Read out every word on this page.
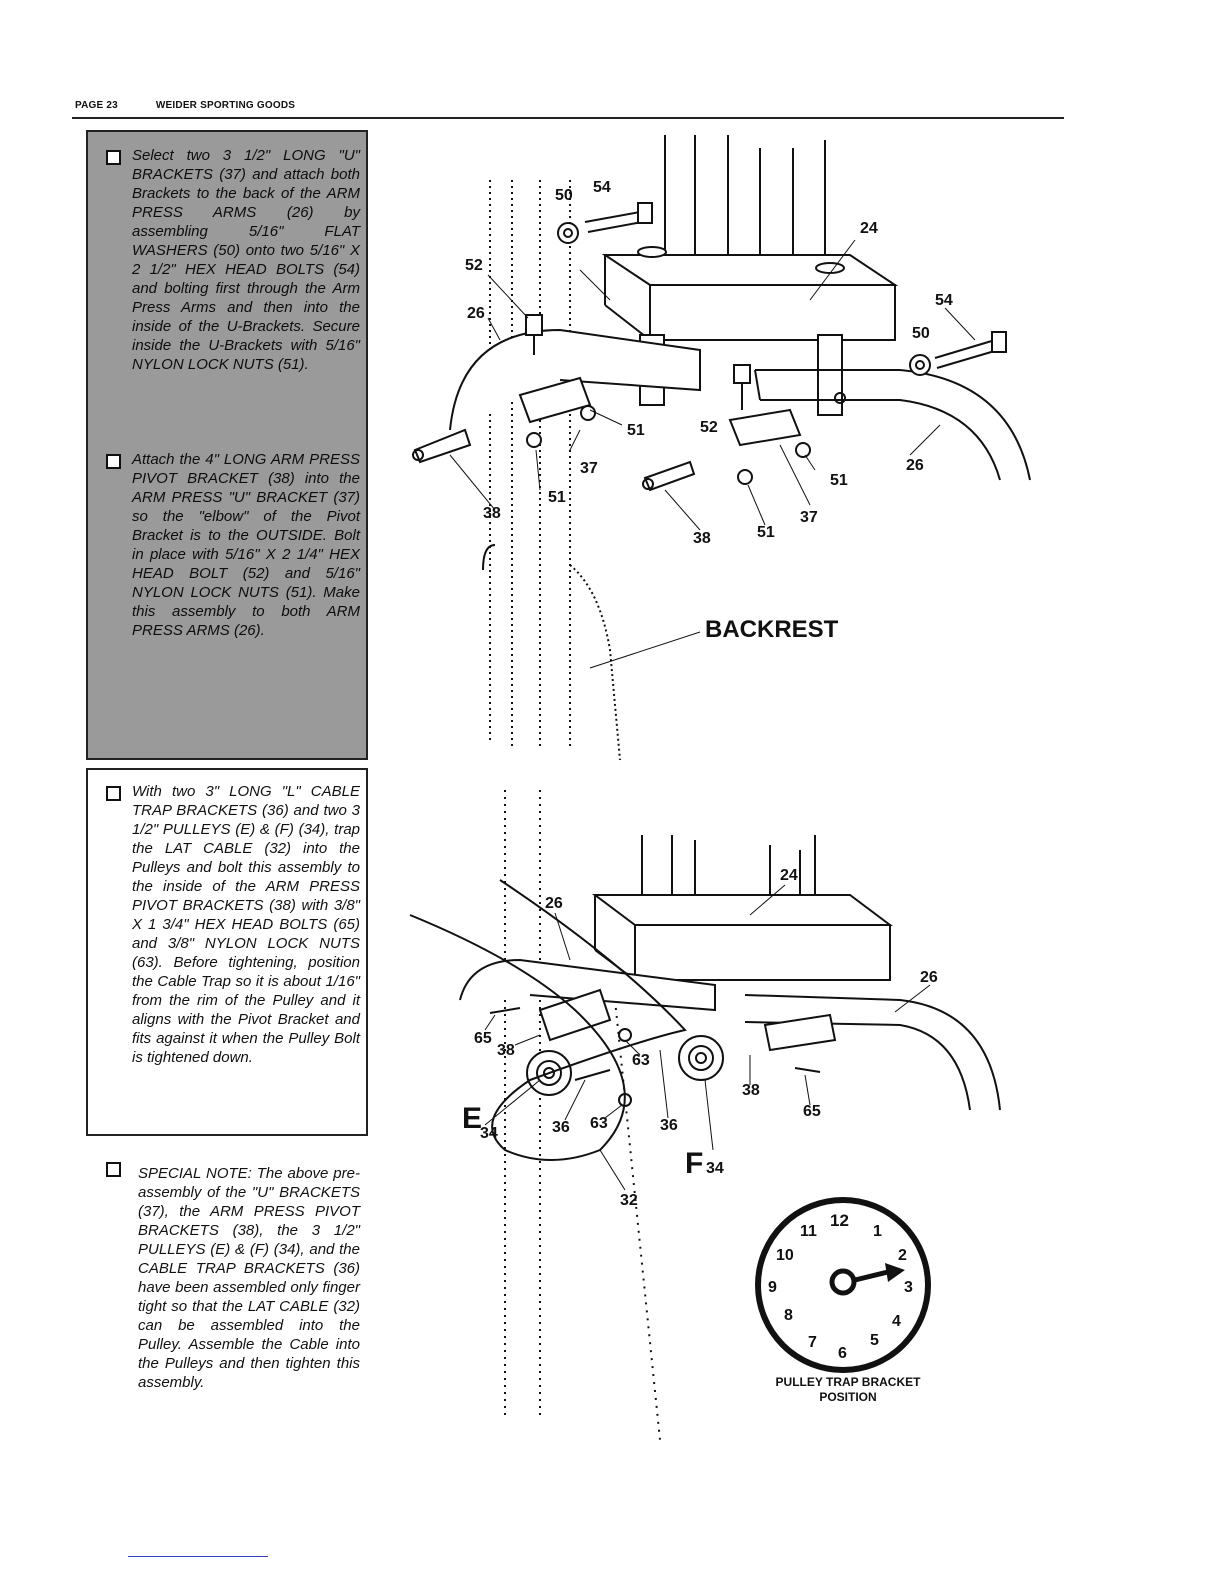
PAGE 23	WEIDER SPORTING GOODS
Select two 3 1/2" LONG "U" BRACKETS (37) and attach both Brackets to the back of the ARM PRESS ARMS (26) by assembling 5/16" FLAT WASHERS (50) onto two 5/16" X 2 1/2" HEX HEAD BOLTS (54) and bolting first through the Arm Press Arms and then into the inside of the U-Brackets. Secure inside the U-Brackets with 5/16" NYLON LOCK NUTS (51).
Attach the 4" LONG ARM PRESS PIVOT BRACKET (38) into the ARM PRESS "U" BRACKET (37) so the "elbow" of the Pivot Bracket is to the OUTSIDE. Bolt in place with 5/16" X 2 1/4" HEX HEAD BOLT (52) and 5/16" NYLON LOCK NUTS (51). Make this assembly to both ARM PRESS ARMS (26).
With two 3" LONG "L" CABLE TRAP BRACKETS (36) and two 3 1/2" PULLEYS (E) & (F) (34), trap the LAT CABLE (32) into the Pulleys and bolt this assembly to the inside of the ARM PRESS PIVOT BRACKETS (38) with 3/8" X 1 3/4" HEX HEAD BOLTS (65) and 3/8" NYLON LOCK NUTS (63). Before tightening, position the Cable Trap so it is about 1/16" from the rim of the Pulley and it aligns with the Pivot Bracket and fits against it when the Pulley Bolt is tightened down.
SPECIAL NOTE: The above pre-assembly of the "U" BRACKETS (37), the ARM PRESS PIVOT BRACKETS (38), the 3 1/2" PULLEYS (E) & (F) (34), and the CABLE TRAP BRACKETS (36) have been assembled only finger tight so that the LAT CABLE (32) can be assembled into the Pulley. Assemble the Cable into the Pulleys and then tighten this assembly.
50 54
24
52
26
54
50
51	52
37
51
51
26
38	37
38	51
BACKREST
24
26
26
65
38
63
38
65
36 63	36
32
E
34
F 34
12
1
2
3
4
5
6
7
8
9
10
11
PULLEY TRAP BRACKET
POSITION
